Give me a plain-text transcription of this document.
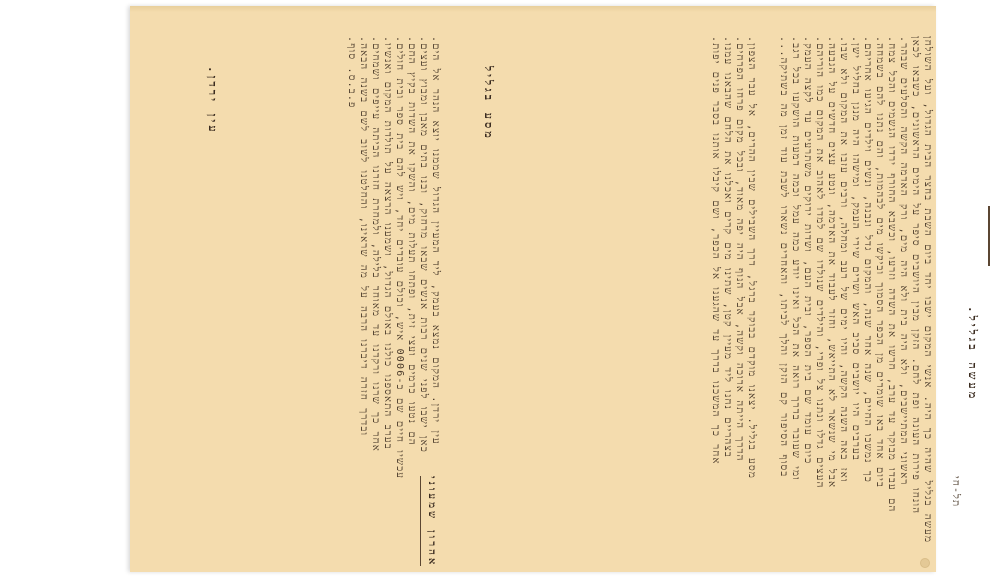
מעשה בגליל.
תל-חי
מעשה בגליל שהיה כך היה. אנשי המקום ישבו יחד ביום השבת בחצר הבית הגדול, ועל השולחן
הונחו פירות העונה ופת לחם. הזקן מבין היושבים סיפר על הימים הראשונים, כשבאו לכאן
ראשוני המתיישבים, ולא היה בית ולא היה מים, ורק האדמה הקשה והסלעים שבהר.
הם עבדו מבוקר עד ערב, חרשו את השדה וזרעו, וכשבא החורף ירדו הגשמים והכל צמח.
ביום אחד באו שומרים מן הכפר הסמוך וביקשו מים לבהמות, והם נתנו להם בשמחה.
כך נמשכו החיים, שנה אחר שנה, והמקום גדל ונבנה, ונשים וילדים הגיעו אחריהם.
בערבים היו יושבים סביב האש ושרים שירי העמק, ומישהו היה מנגן בחליל ישן.
ואז באה השנה הקשה, והיו ימים של רעב ומחלה, ורבים עזבו את המקום ולא שבו.
אבל מי שנשאר לא התייאש, וחזר לעבוד את האדמה, ונטע עצים חדשים על הגבעה.
העצים גדלו ונתנו צל ופרי, והילדים שנולדו שם למדו לאהוב את המקום כמו הוריהם.
כיום עומד שם בית הספר, ובית העם, ושדות ירוקים משתרעים עד לקצה העמק.
ומי שעובר בדרך רואה את הכל ואינו יודע כמה עמל וכמה דמעות הושקעו בכל רגב.
בסוף הסיפור קם הזקן והלך לביתו, והאחרים נשארו לשבת עוד זמן מה בשתיקה...
מסע בגליל. יצאנו מוקדם בבוקר ברגל, דרך השבילים שבין ההרים, אל עבר הצפון.
הדרך הייתה ארוכה וקשה, אבל הנוף היה יפה מאוד, ובכל מקום פרחו הפרחים.
בצהריים נחנו ליד מעיין קטן, שתינו מים קרים ואכלנו את הלחם שהבאנו עמנו.
אחר כך המשכנו בדרך עד שהגענו אל הכפר, ושם קיבלו אותנו בסבר פנים יפות.
מסע בגליל
עין ירדן. המקום נמצא בעמק, ליד המעיין הגדול שממנו יוצא הנהר אל הים.
כאן ישבו לפני שנים רבות אנשים שבאו מרחוק, ובנו בתים מאבן ומבוץ ועצים.
הם נטעו כרמים ועצי זית, ופתחו תעלות מים, והשקו את השדות בקיץ החם.
עכשיו חיים שם כ-6000 איש, וכולם עובדים יחד, ויש להם בית ספר ובית חולים.
בערב התאספנו כולנו באולם הגדול, ושמענו הרצאה על תולדות המקום ואנשיו.
אחר כך שרנו ורקדנו עד מאוחר בלילה, ולמחרת חזרנו הביתה עייפים ושמחים.
ובדרך חזרה דיברנו הרבה על מה שראינו, והחלטנו לשוב לשם בשנה הבאה.
פ.ב.ס. סוף.
עין ירדן.
אהרון שמעוני
